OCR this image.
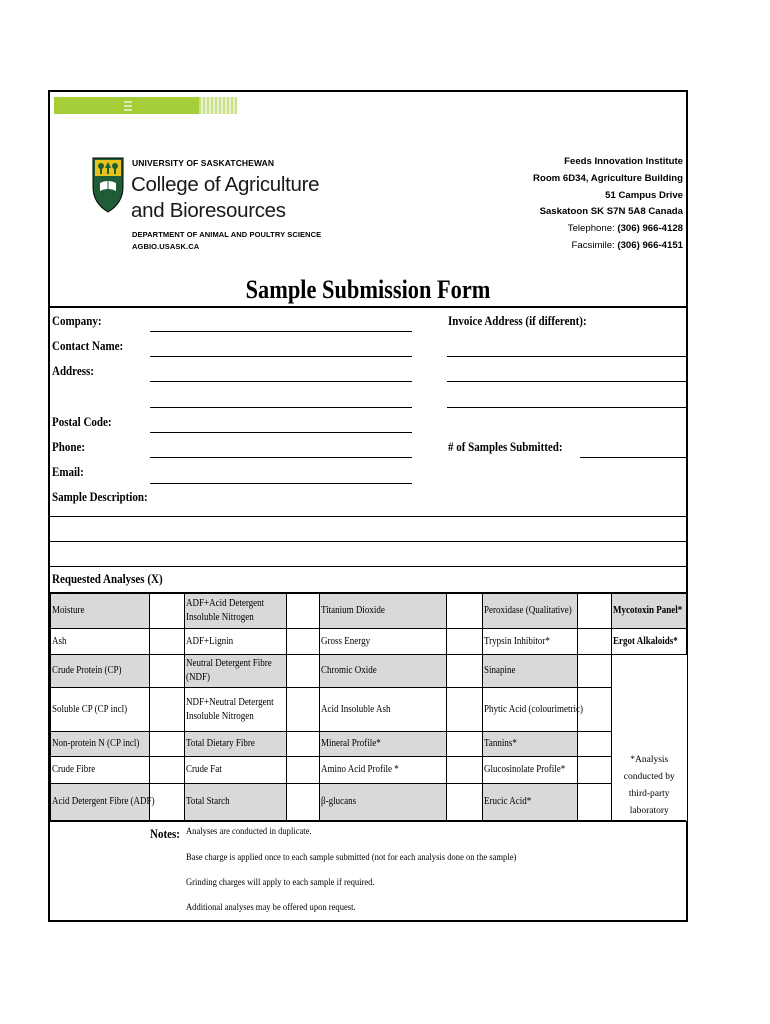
UNIVERSITY OF SASKATCHEWAN
College of Agriculture
and Bioresources
DEPARTMENT OF ANIMAL AND POULTRY SCIENCE
AGBIO.USASK.CA
Feeds Innovation Institute
Room 6D34, Agriculture Building
51 Campus Drive
Saskatoon SK S7N 5A8 Canada
Telephone: (306) 966-4128
Facsimile: (306) 966-4151
Sample Submission Form
Company:	Invoice Address (if different):
Contact Name:
Address:
Postal Code:
Phone:	# of Samples Submitted:
Email:
Sample Description:
Requested Analyses (X)
Moisture		ADF+Acid Detergent Insoluble Nitrogen		Titanium Dioxide		Peroxidase (Qualitative)		Mycotoxin Panel*
Ash		ADF+Lignin		Gross Energy		Trypsin Inhibitor*		Ergot Alkaloids*
Crude Protein (CP)		Neutral Detergent Fibre (NDF)		Chromic Oxide		Sinapine		
Soluble CP (CP incl)		NDF+Neutral Detergent Insoluble Nitrogen		Acid Insoluble Ash		Phytic Acid (colourimetric)		
Non-protein N (CP incl)		Total Dietary Fibre		Mineral Profile*		Tannins*		*Analysis conducted by third-party laboratory
Crude Fibre		Crude Fat		Amino Acid Profile *		Glucosinolate Profile*		
Acid Detergent Fibre (ADF)		Total Starch		β-glucans		Erucic Acid*		
Notes: Analyses are conducted in duplicate.
Base charge is applied once to each sample submitted (not for each analysis done on the sample)
Grinding charges will apply to each sample if required.
Additional analyses may be offered upon request.
